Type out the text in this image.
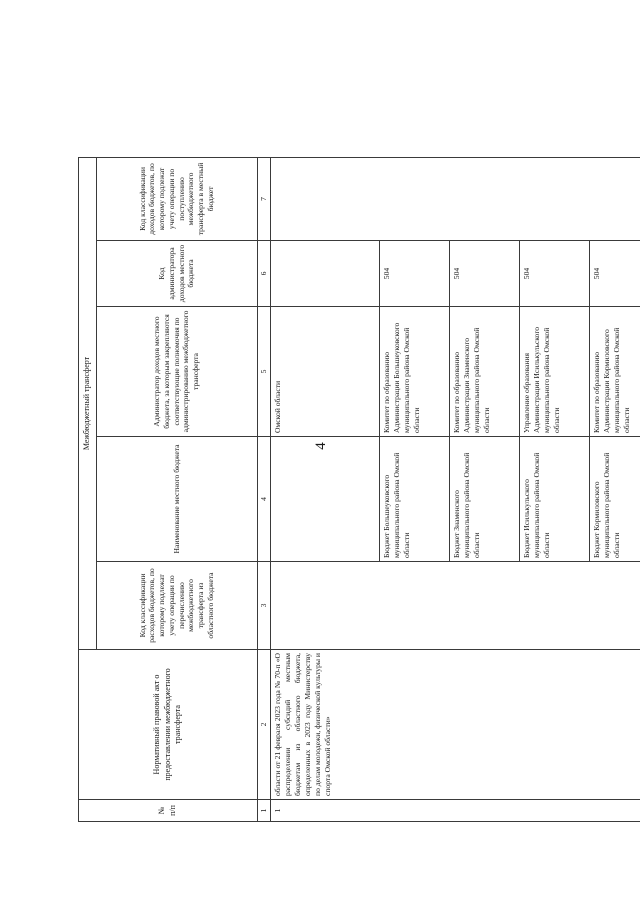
4
№ п/п	Нормативный правовой акт о предоставлении межбюджетного трансферта	Межбюджетный трансферт					
		Код классификации расходов бюджетов, по которому подлежат учету операции по перечислению межбюджетного трансферта из областного бюджета	Наименование местного бюджета	Администратор доходов местного бюджета, за которым закрепляются соответствующие полномочия по администрированию межбюджетного трансферта	Код администратора доходов местного бюджета	Код классификации доходов бюджетов, по которому подлежат учету операции по поступлению межбюджетного трансферта в местный бюджет	
1	2	3	4	5	6	7	
1	области от 21 февраля 2023 года № 70-п «О распределении субсидий местным бюджетам из областного бюджета, определенных в 2023 году Министерству по делам молодежи, физической культуры и спорта Омской области»			Омской области			
			Бюджет Большеуковского муниципального района Омской области	Комитет по образованию Администрации Большеуковского муниципального района Омской области	504		
			Бюджет Знаменского муниципального района Омской области	Комитет по образованию Администрации Знаменского муниципального района Омской области	504		
			Бюджет Исилькульского муниципального района Омской области	Управление образования Администрации Исилькульского муниципального района Омской области	504		
			Бюджет Кормиловского муниципального района Омской области	Комитет по образованию Администрации Кормиловского муниципального района Омской области	504		
